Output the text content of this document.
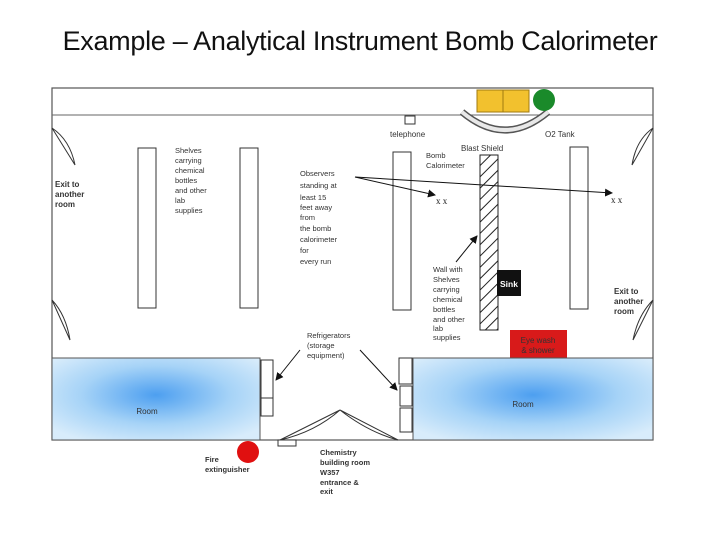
Example – Analytical Instrument Bomb Calorimeter
Sink
Eye wash
& shower
telephone
Blast Shield
O2 Tank
Bomb
Calorimeter
Shelves
carrying
chemical
bottles
and other
lab
supplies
Observers
standing at
least 15
feet away
from
the bomb
calorimeter
for
every run
x x	x x
Exit to
another
room
Exit to
another
room
Wall with
Shelves
carrying
chemical
bottles
and other
lab
supplies
Room
Room
Refrigerators
(storage
equipment)
Chemistry
building room
W357
entrance &
exit
Fire
extinguisher
